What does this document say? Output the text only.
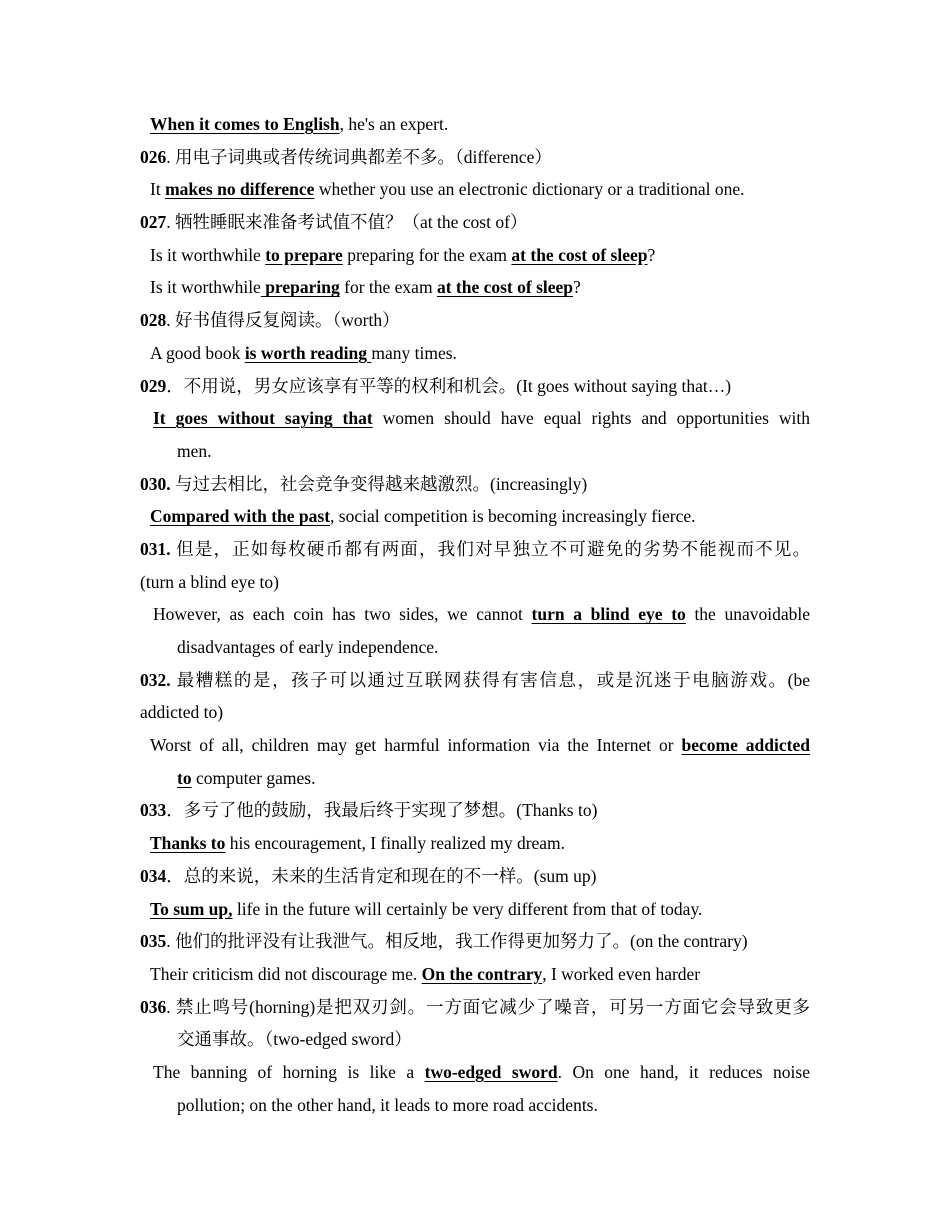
When it comes to English, he's an expert.
026. 用电子词典或者传统词典都差不多。（difference）
It makes no difference whether you use an electronic dictionary or a traditional one.
027. 牺牲睡眠来准备考试值不值？（at the cost of）
Is it worthwhile to prepare preparing for the exam at the cost of sleep?
Is it worthwhile preparing for the exam at the cost of sleep?
028. 好书值得反复阅读。（worth）
A good book is worth reading many times.
029．不用说，男女应该享有平等的权利和机会。(It goes without saying that…)
It goes without saying that women should have equal rights and opportunities with
men.
030. 与过去相比，社会竞争变得越来越激烈。(increasingly)
Compared with the past, social competition is becoming increasingly fierce.
031. 但是，正如每枚硬币都有两面，我们对早独立不可避免的劣势不能视而不见。
(turn a blind eye to)
However, as each coin has two sides, we cannot turn a blind eye to the unavoidable
disadvantages of early independence.
032. 最糟糕的是，孩子可以通过互联网获得有害信息，或是沉迷于电脑游戏。(be
addicted to)
Worst of all, children may get harmful information via the Internet or become addicted
to computer games.
033．多亏了他的鼓励，我最后终于实现了梦想。(Thanks to)
Thanks to his encouragement, I finally realized my dream.
034．总的来说，未来的生活肯定和现在的不一样。(sum up)
To sum up, life in the future will certainly be very different from that of today.
035. 他们的批评没有让我泄气。相反地，我工作得更加努力了。(on the contrary)
Their criticism did not discourage me. On the contrary, I worked even harder
036. 禁止鸣号(horning)是把双刃剑。一方面它减少了噪音，可另一方面它会导致更多
交通事故。（two-edged sword）
The banning of horning is like a two-edged sword. On one hand, it reduces noise
pollution; on the other hand, it leads to more road accidents.
